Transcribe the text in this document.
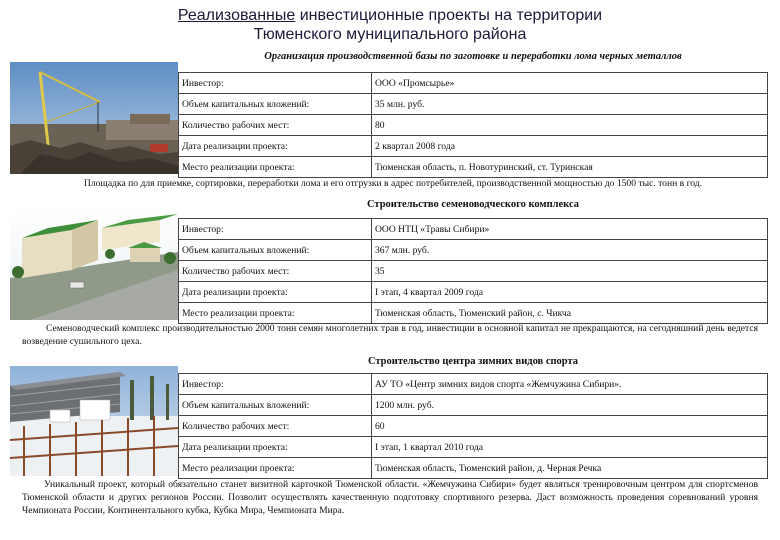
Реализованные инвестиционные проекты на территории
Тюменского муниципального района
Организация производственной базы по заготовке и переработки лома черных металлов
Инвестор:	ООО «Промсырье»
Объем капитальных вложений:	35 млн. руб.
Количество рабочих мест:	80
Дата реализации проекта:	2 квартал 2008 года
Место реализации проекта:	Тюменская область, п. Новотуринский, ст. Туринская
Площадка по для приемке, сортировки, переработки лома и его отгрузки в адрес потребителей, производственной мощностью до 1500 тыс. тонн в год.
Строительство семеноводческого комплекса
Инвестор:	ООО НТЦ «Травы Сибири»
Объем капитальных вложений:	367 млн. руб.
Количество рабочих мест:	35
Дата реализации проекта:	I этап, 4 квартал 2009 года
Место реализации проекта:	Тюменская область, Тюменский район, с. Чикча
Семеноводческий комплекс производительностью 2000 тонн семян многолетних трав в год, инвестиции в основной капитал не прекращаются, на сегодняшний день ведется возведение сушильного цеха.
Строительство центра зимних видов спорта
Инвестор:	АУ ТО «Центр зимних видов спорта «Жемчужина Сибири».
Объем капитальных вложений:	1200 млн. руб.
Количество рабочих мест:	60
Дата реализации проекта:	I этап, 1 квартал 2010 года
Место реализации проекта:	Тюменская область, Тюменский район, д. Черная Речка
Уникальный проект, который обязательно станет визитной карточкой Тюменской области. «Жемчужина Сибири» будет являться тренировочным центром для спортсменов Тюменской области и других регионов России. Позволит осуществлять качественную подготовку спортивного резерва. Даст возможность проведения соревнований уровня Чемпионата России, Континентального кубка, Кубка Мира, Чемпионата Мира.
